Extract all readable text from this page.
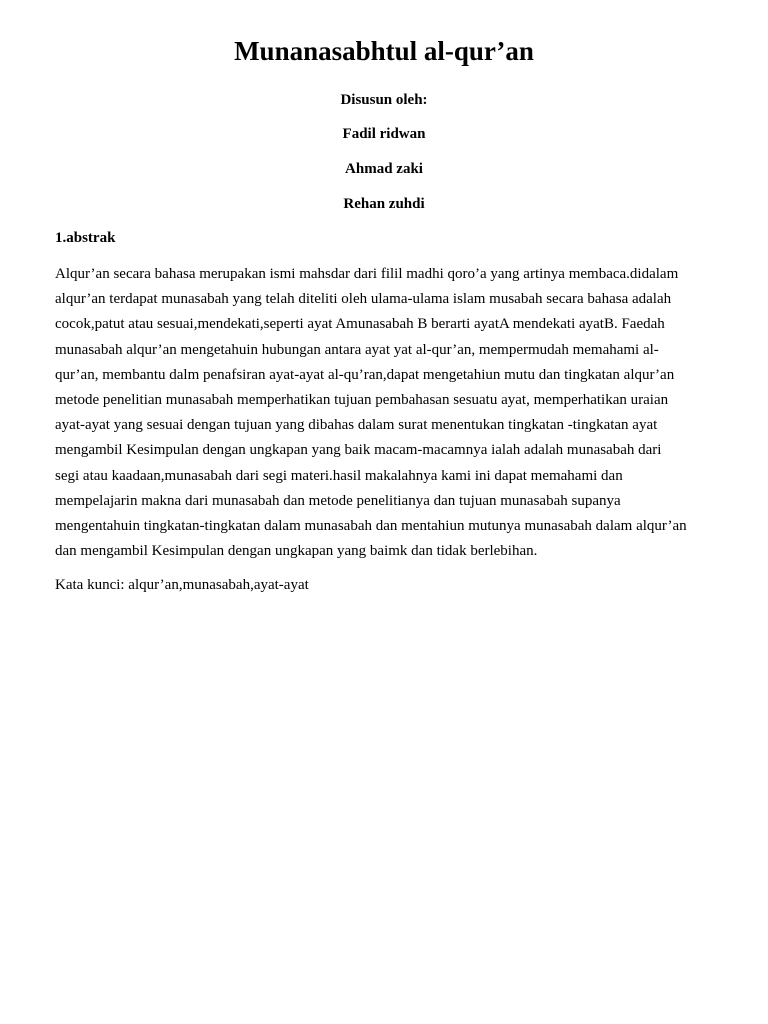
Munanasabhtul al-qur’an
Disusun oleh:
Fadil ridwan
Ahmad zaki
Rehan zuhdi
1.abstrak

Alqur’an secara bahasa merupakan ismi mahsdar dari filil madhi qoro’a yang artinya membaca.didalam
alqur’an terdapat munasabah yang telah diteliti oleh ulama-ulama islam musabah secara bahasa adalah
cocok,patut atau sesuai,mendekati,seperti ayat Amunasabah B berarti ayatA mendekati ayatB. Faedah
munasabah alqur’an mengetahuin hubungan antara ayat yat al-qur’an, mempermudah memahami al-
qur’an, membantu dalm penafsiran ayat-ayat al-qu’ran,dapat mengetahiun mutu dan tingkatan alqur’an
metode penelitian munasabah memperhatikan tujuan pembahasan sesuatu ayat, memperhatikan uraian
ayat-ayat yang sesuai dengan tujuan yang dibahas dalam surat menentukan tingkatan -tingkatan ayat
mengambil Kesimpulan dengan ungkapan yang baik macam-macamnya ialah adalah munasabah dari
segi atau kaadaan,munasabah dari segi materi.hasil makalahnya kami ini dapat memahami dan
mempelajarin makna dari munasabah dan metode penelitianya dan tujuan munasabah supanya
mengentahuin tingkatan-tingkatan dalam munasabah dan mentahiun mutunya munasabah dalam alqur’an
dan mengambil Kesimpulan dengan ungkapan yang baimk dan tidak berlebihan.

Kata kunci: alqur’an,munasabah,ayat-ayat
